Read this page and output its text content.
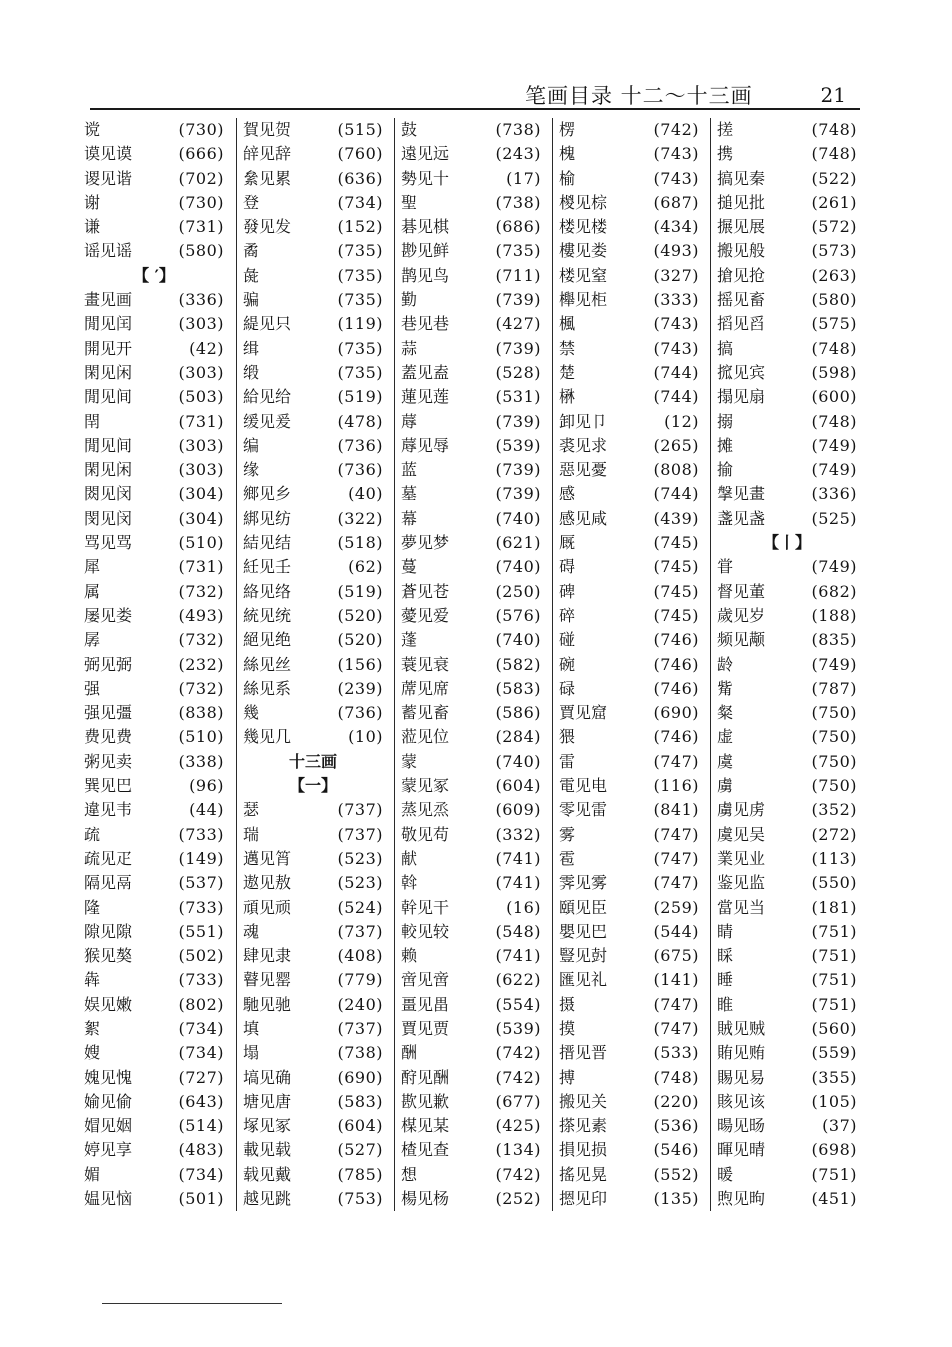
笔画目录 十二～十三画	21
谠	(730)
谟见谟	(666)
谡见谐	(702)
谢	(730)
谦	(731)
谣见谣	(580)
【 ′】
畫见画	(336)
閒见闰	(303)
開见开	(42)
閑见闲	(303)
閒见间	(503)
閈	(731)
閒见间	(303)
閑见闲	(303)
閦见闵	(304)
閔见闵	(304)
骂见骂	(510)
犀	(731)
属	(732)
屡见娄	(493)
孱	(732)
弼见弼	(232)
强	(732)
强见彊	(838)
费见费	(510)
粥见卖	(338)
巽见巴	(96)
違见韦	(44)
疏	(733)
疏见疋	(149)
隔见鬲	(537)
隆	(733)
隙见隙	(551)
猴见獒	(502)
犇	(733)
娱见嫩	(802)
絮	(734)
嫂	(734)
媿见愧	(727)
媮见偷	(643)
媢见姻	(514)
婷见享	(483)
媚	(734)
媪见恼	(501)
賀见贺	(515)
辝见辞	(760)
絫见累	(636)
登	(734)
發见发	(152)
矞	(735)
彘	(735)
骗	(735)
緹见只	(119)
缉	(735)
缎	(735)
給见给	(519)
缓见爰	(478)
编	(736)
缘	(736)
鄉见乡	(40)
綁见纺	(322)
結见结	(518)
紝见壬	(62)
絡见络	(519)
統见统	(520)
絕见绝	(520)
絲见丝	(156)
絲见系	(239)
幾	(736)
幾见几	(10)
十三画
【一】
瑟	(737)
瑞	(737)
邁见筲	(523)
遨见敖	(523)
頑见顽	(524)
魂	(737)
肆见隶	(408)
瞽见罂	(779)
馳见驰	(240)
填	(737)
塌	(738)
塙见确	(690)
塘见唐	(583)
塚见冢	(604)
載见载	(527)
载见戴	(785)
越见跳	(753)
鼓	(738)
遠见远	(243)
勢见十	(17)
聖	(738)
碁见棋	(686)
尠见鲜	(735)
鹊见鸟	(711)
勤	(739)
巷见巷	(427)
蒜	(739)
蓋见盍	(528)
蓮见莲	(531)
蓐	(739)
蓐见辱	(539)
蓝	(739)
墓	(739)
幕	(740)
夢见梦	(621)
蔓	(740)
蒼见苍	(250)
薆见爱	(576)
蓬	(740)
蓑见衰	(582)
蓆见席	(583)
蓄见畜	(586)
蒞见位	(284)
蒙	(740)
蒙见冢	(604)
蒸见烝	(609)
敬见苟	(332)
献	(741)
斡	(741)
幹见干	(16)
較见较	(548)
赖	(741)
啻见啻	(622)
畺见畕	(554)
賈见贾	(539)
酬	(742)
酧见酬	(742)
歁见歉	(677)
楳见某	(425)
楂见查	(134)
想	(742)
楊见杨	(252)
楞	(742)
槐	(743)
榆	(743)
椶见棕	(687)
楼见楼	(434)
樓见娄	(493)
楼见窒	(327)
櫸见柜	(333)
楓	(743)
禁	(743)
楚	(744)
楙	(744)
卸见卩	(12)
裘见求	(265)
惡见憂	(808)
感	(744)
感见咸	(439)
厩	(745)
碍	(745)
碑	(745)
碎	(745)
碰	(746)
碗	(746)
碌	(746)
賈见窟	(690)
猥	(746)
雷	(747)
電见电	(116)
零见雷	(841)
雾	(747)
雹	(747)
霁见雾	(747)
頤见臣	(259)
嬰见巴	(544)
豎见尌	(675)
匯见礼	(141)
摄	(747)
摸	(747)
搢见晋	(533)
搏	(748)
搬见关	(220)
搽见素	(536)
損见损	(546)
搖见晃	(552)
摁见印	(135)
搓	(748)
携	(748)
搞见秦	(522)
搥见批	(261)
搌见展	(572)
搬见般	(573)
搶见抢	(263)
摇见畜	(580)
搯见舀	(575)
搞	(748)
搲见宾	(598)
搨见扇	(600)
搦	(748)
摊	(749)
揄	(749)
搫见畫	(336)
盞见盏	(525)
【丨】
甞	(749)
督见董	(682)
歲见岁	(188)
频见颟	(835)
龄	(749)
觜	(787)
粲	(750)
虚	(750)
虞	(750)
虜	(750)
虜见虏	(352)
虞见吴	(272)
業见业	(113)
鉴见监	(550)
當见当	(181)
睛	(751)
睬	(751)
睡	(751)
睢	(751)
賊见贼	(560)
賄见贿	(559)
賜见易	(355)
賅见该	(105)
暘见旸	(37)
暉见晴	(698)
暖	(751)
煦见昫	(451)
